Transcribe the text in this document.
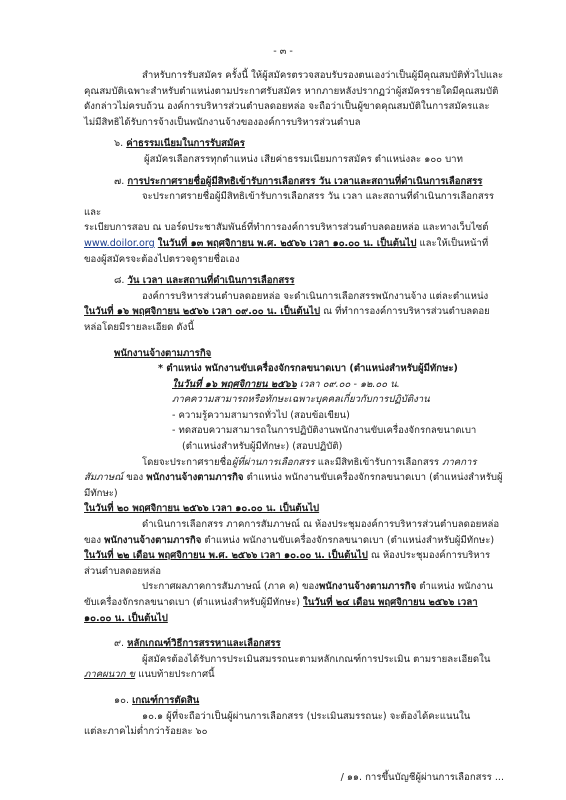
- ๓ -

สำหรับการรับสมัคร ครั้งนี้ ให้ผู้สมัครตรวจสอบรับรองตนเองว่าเป็นผู้มีคุณสมบัติทั่วไปและ

คุณสมบัติเฉพาะสำหรับตำแหน่งตามประกาศรับสมัคร หากภายหลังปรากฏว่าผู้สมัครรายใดมีคุณสมบัติดังกล่าวไม่ครบถ้วน องค์การบริหารส่วนตำบลดอยหล่อ จะถือว่าเป็นผู้ขาดคุณสมบัติในการสมัครและไม่มีสิทธิได้รับการจ้างเป็นพนักงานจ้างขององค์การบริหารส่วนตำบล

๖. ค่าธรรมเนียมในการรับสมัคร

ผู้สมัครเลือกสรรทุกตำแหน่ง เสียค่าธรรมเนียมการสมัคร ตำแหน่งละ ๑๐๐ บาท

๗. การประกาศรายชื่อผู้มีสิทธิเข้ารับการเลือกสรร วัน เวลาและสถานที่ดำเนินการเลือกสรร

จะประกาศรายชื่อผู้มีสิทธิเข้ารับการเลือกสรร วัน เวลา และสถานที่ดำเนินการเลือกสรรและ

ระเบียบการสอบ ณ บอร์ดประชาสัมพันธ์ที่ทำการองค์การบริหารส่วนตำบลดอยหล่อ และทางเว็บไซต์

www.doilor.org ในวันที่ ๑๓ พฤศจิกายน พ.ศ. ๒๕๖๖ เวลา ๑๐.๐๐ น. เป็นต้นไป และให้เป็นหน้าที่ของผู้สมัครจะต้องไปตรวจดูรายชื่อเอง

๘. วัน เวลา และสถานที่ดำเนินการเลือกสรร

องค์การบริหารส่วนตำบลดอยหล่อ จะดำเนินการเลือกสรรพนักงานจ้าง แต่ละตำแหน่ง

ในวันที่ ๑๖ พฤศจิกายน ๒๕๖๖ เวลา ๐๙.๐๐ น. เป็นต้นไป ณ ที่ทำการองค์การบริหารส่วนตำบลดอยหล่อโดยมีรายละเอียด ดังนี้

พนักงานจ้างตามภารกิจ

* ตำแหน่ง พนักงานขับเครื่องจักรกลขนาดเบา (ตำแหน่งสำหรับผู้มีทักษะ)

ในวันที่ ๑๖ พฤศจิกายน ๒๕๖๖ เวลา ๐๙.๐๐ - ๑๒.๐๐ น.

ภาคความสามารถหรือทักษะเฉพาะบุคคลเกี่ยวกับการปฏิบัติงาน

- ความรู้ความสามารถทั่วไป (สอบข้อเขียน)

- ทดสอบความสามารถในการปฏิบัติงานพนักงานขับเครื่องจักรกลขนาดเบา

(ตำแหน่งสำหรับผู้มีทักษะ) (สอบปฏิบัติ)

โดยจะประกาศรายชื่อผู้ที่ผ่านการเลือกสรร และมีสิทธิเข้ารับการเลือกสรร ภาคการสัมภาษณ์ ของ พนักงานจ้างตามภารกิจ ตำแหน่ง พนักงานขับเครื่องจักรกลขนาดเบา (ตำแหน่งสำหรับผู้มีทักษะ)

ในวันที่ ๒๐ พฤศจิกายน ๒๕๖๖ เวลา ๑๐.๐๐ น. เป็นต้นไป

ดำเนินการเลือกสรร ภาคการสัมภาษณ์ ณ ห้องประชุมองค์การบริหารส่วนตำบลดอยหล่อ ของ พนักงานจ้างตามภารกิจ ตำแหน่ง พนักงานขับเครื่องจักรกลขนาดเบา (ตำแหน่งสำหรับผู้มีทักษะ) ในวันที่ ๒๒ เดือน พฤศจิกายน พ.ศ. ๒๕๖๖ เวลา ๑๐.๐๐ น. เป็นต้นไป ณ ห้องประชุมองค์การบริหารส่วนตำบลดอยหล่อ

ประกาศผลภาคการสัมภาษณ์ (ภาค ค) ของพนักงานจ้างตามภารกิจ ตำแหน่ง พนักงานขับเครื่องจักรกลขนาดเบา (ตำแหน่งสำหรับผู้มีทักษะ) ในวันที่ ๒๔ เดือน พฤศจิกายน ๒๕๖๖ เวลา ๑๐.๐๐ น. เป็นต้นไป

๙. หลักเกณฑ์วิธีการสรรหาและเลือกสรร

ผู้สมัครต้องได้รับการประเมินสมรรถนะตามหลักเกณฑ์การประเมิน ตามรายละเอียดใน ภาคผนวก ข แนบท้ายประกาศนี้

๑๐. เกณฑ์การตัดสิน

๑๐.๑ ผู้ที่จะถือว่าเป็นผู้ผ่านการเลือกสรร (ประเมินสมรรถนะ) จะต้องได้คะแนนใน

แต่ละภาคไม่ต่ำกว่าร้อยละ ๖๐

/ ๑๑. การขึ้นบัญชีผู้ผ่านการเลือกสรร ...
